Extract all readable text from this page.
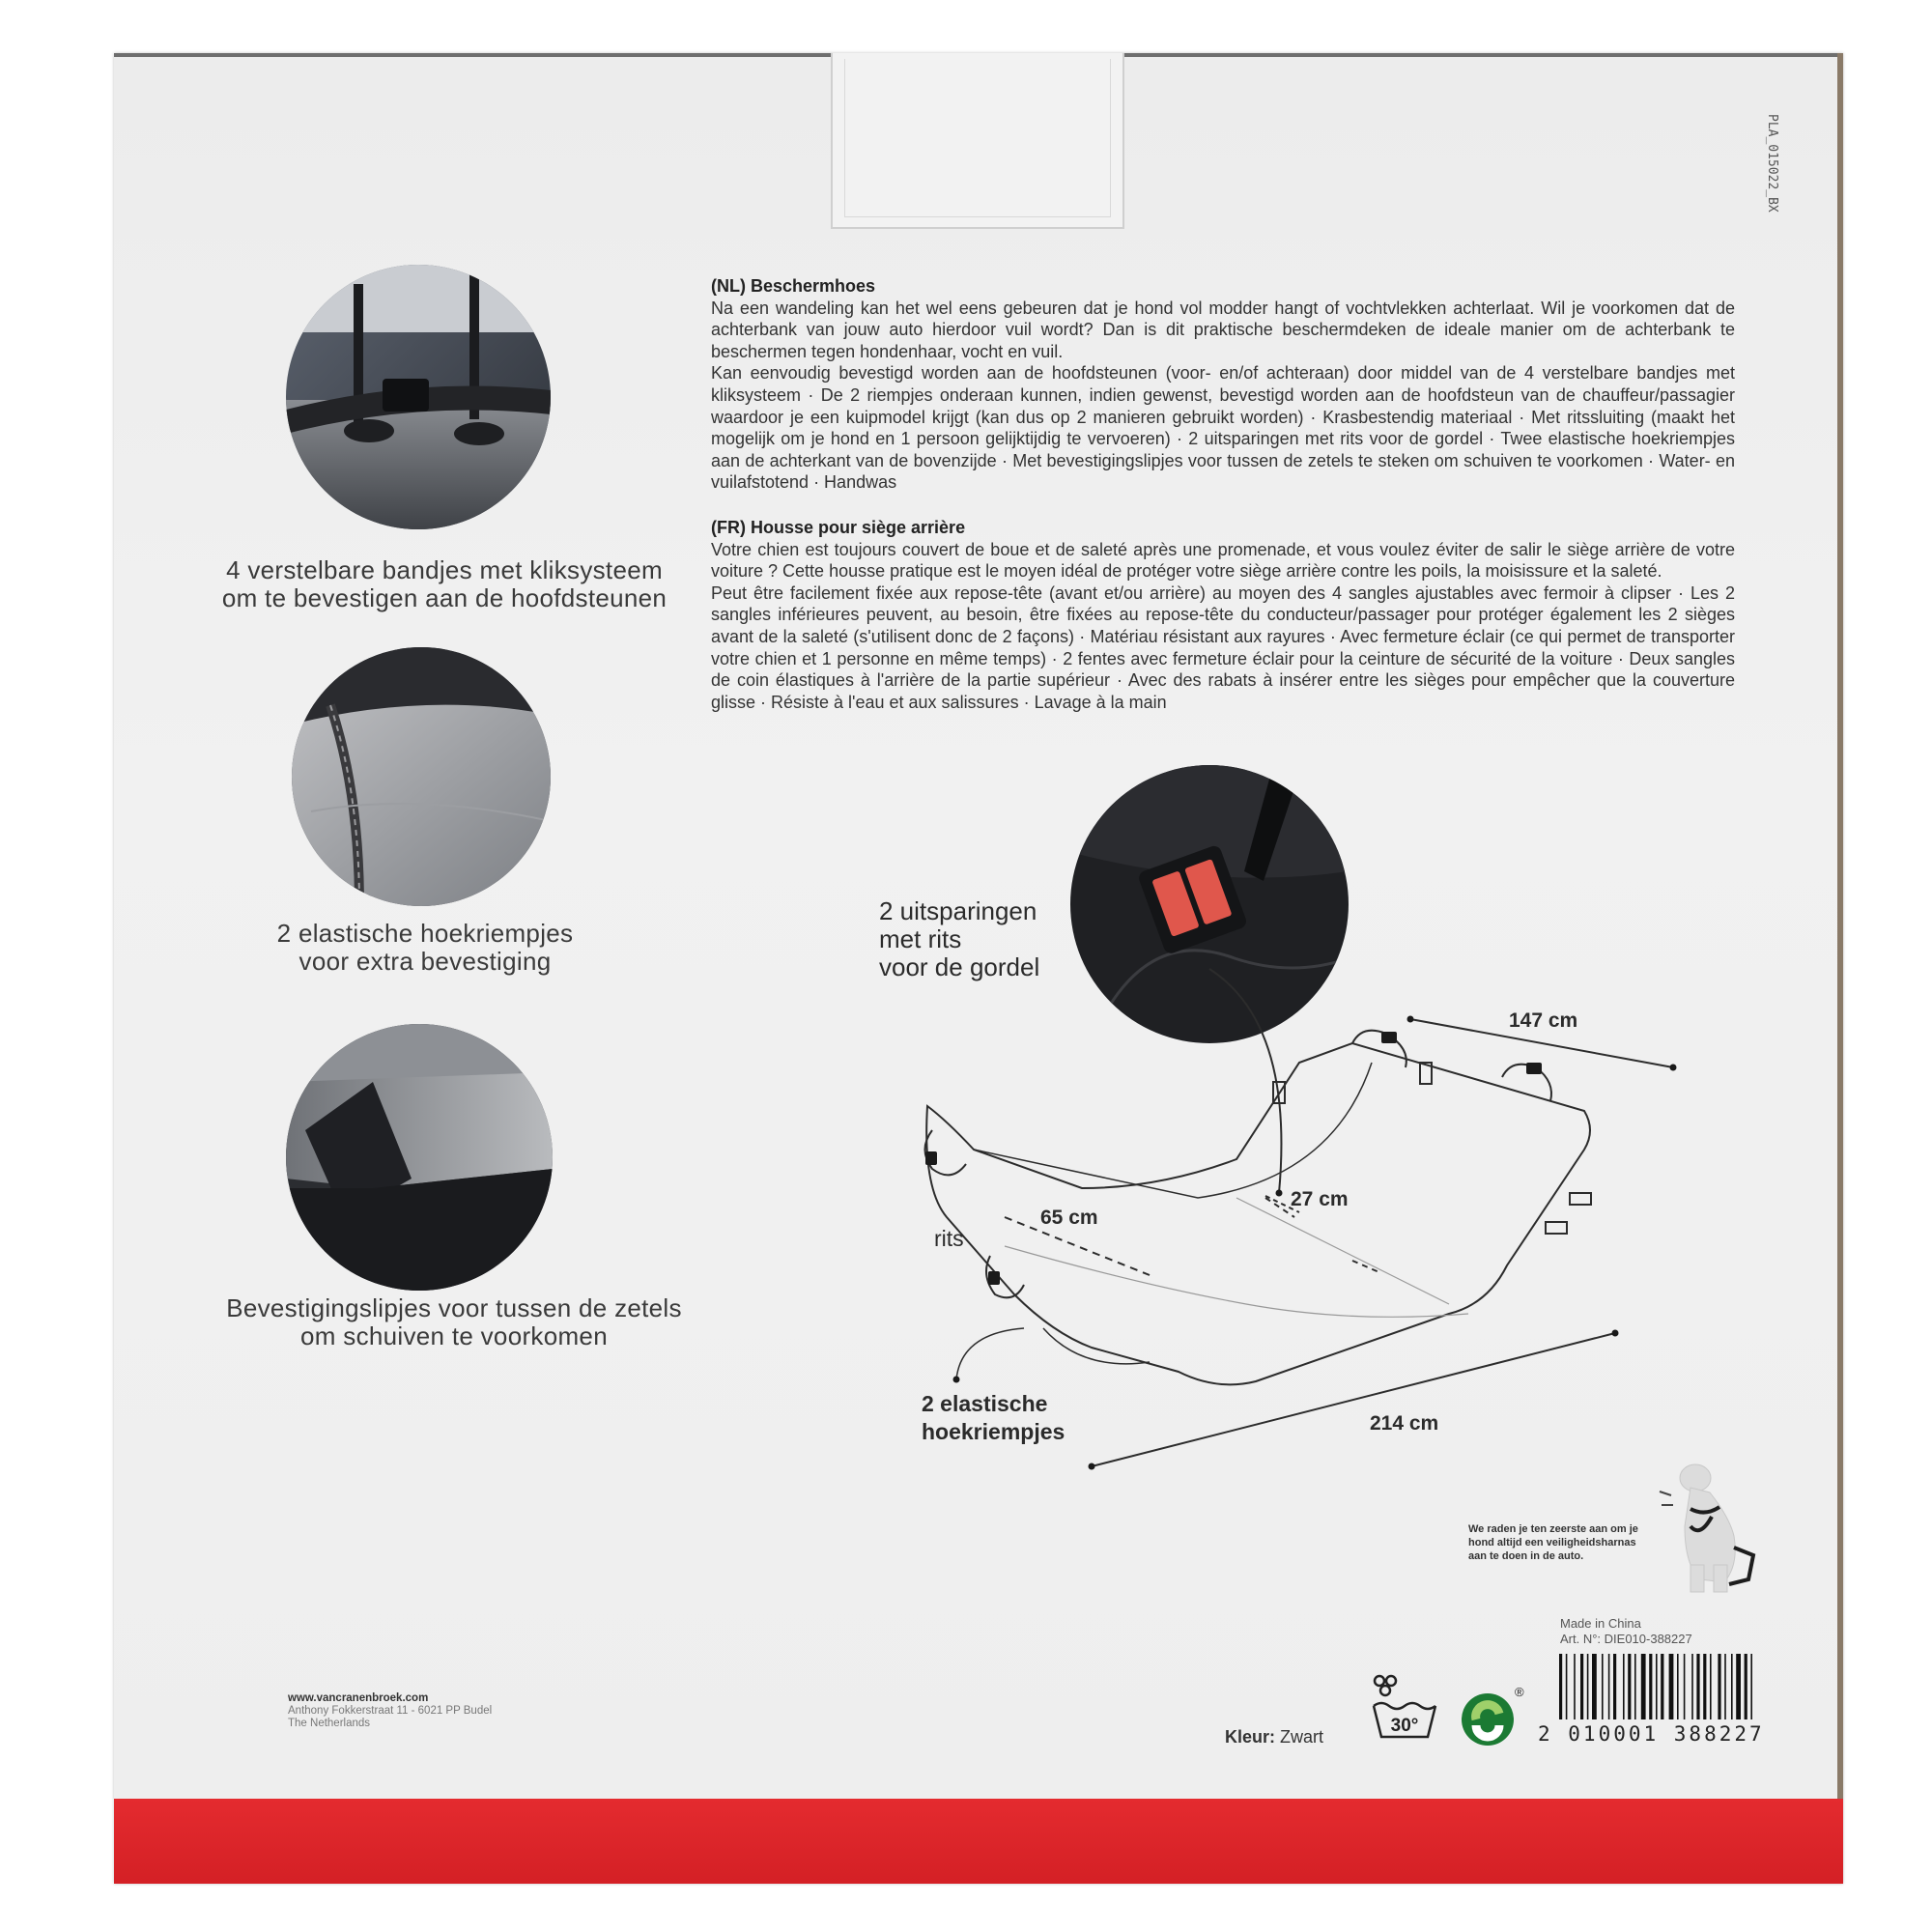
PLA_015022_BX
4 verstelbare bandjes met kliksysteem
om te bevestigen aan de hoofdsteunen
2 elastische hoekriempjes
voor extra bevestiging
Bevestigingslipjes voor tussen de zetels
om schuiven te voorkomen

(NL) Beschermhoes

Na een wandeling kan het wel eens gebeuren dat je hond vol modder hangt of vochtvlekken achterlaat. Wil je voorkomen dat de achterbank van jouw auto hierdoor vuil wordt? Dan is dit praktische beschermdeken de ideale manier om de achterbank te beschermen tegen hondenhaar, vocht en vuil.

Kan eenvoudig bevestigd worden aan de hoofdsteunen (voor- en/of achteraan) door middel van de 4 verstelbare bandjes met kliksysteem · De 2 riempjes onderaan kunnen, indien gewenst, bevestigd worden aan de hoofdsteun van de chauffeur/passagier waardoor je een kuipmodel krijgt (kan dus op 2 manieren gebruikt worden) · Krasbestendig materiaal · Met ritssluiting (maakt het mogelijk om je hond en 1 persoon gelijktijdig te vervoeren) · 2 uitsparingen met rits voor de gordel · Twee elastische hoekriempjes aan de achterkant van de bovenzijde · Met bevestigingslipjes voor tussen de zetels te steken om schuiven te voorkomen · Water- en vuilafstotend · Handwas

(FR) Housse pour siège arrière

Votre chien est toujours couvert de boue et de saleté après une promenade, et vous voulez éviter de salir le siège arrière de votre voiture ? Cette housse pratique est le moyen idéal de protéger votre siège arrière contre les poils, la moisissure et la saleté.

Peut être facilement fixée aux repose-tête (avant et/ou arrière) au moyen des 4 sangles ajustables avec fermoir à clipser · Les 2 sangles inférieures peuvent, au besoin, être fixées au repose-tête du conducteur/passager pour protéger également les 2 sièges avant de la saleté (s'utilisent donc de 2 façons) · Matériau résistant aux rayures · Avec fermeture éclair (ce qui permet de transporter votre chien et 1 personne en même temps) · 2 fentes avec fermeture éclair pour la ceinture de sécurité de la voiture · Deux sangles de coin élastiques à l'arrière de la partie supérieur · Avec des rabats à insérer entre les sièges pour empêcher que la couverture glisse · Résiste à l'eau et aux salissures · Lavage à la main

2 uitsparingen
met rits
voor de gordel
147 cm
27 cm
65 cm
rits
214 cm
2 elastische
hoekriempjes
We raden je ten zeerste aan om je hond altijd een veiligheidsharnas aan te doen in de auto.
Made in China
Art. N°: DIE010-388227
www.vancranenbroek.com
Anthony Fokkerstraat 11 - 6021 PP Budel
The Netherlands
Kleur: Zwart
30°
®
2 010001 388227
